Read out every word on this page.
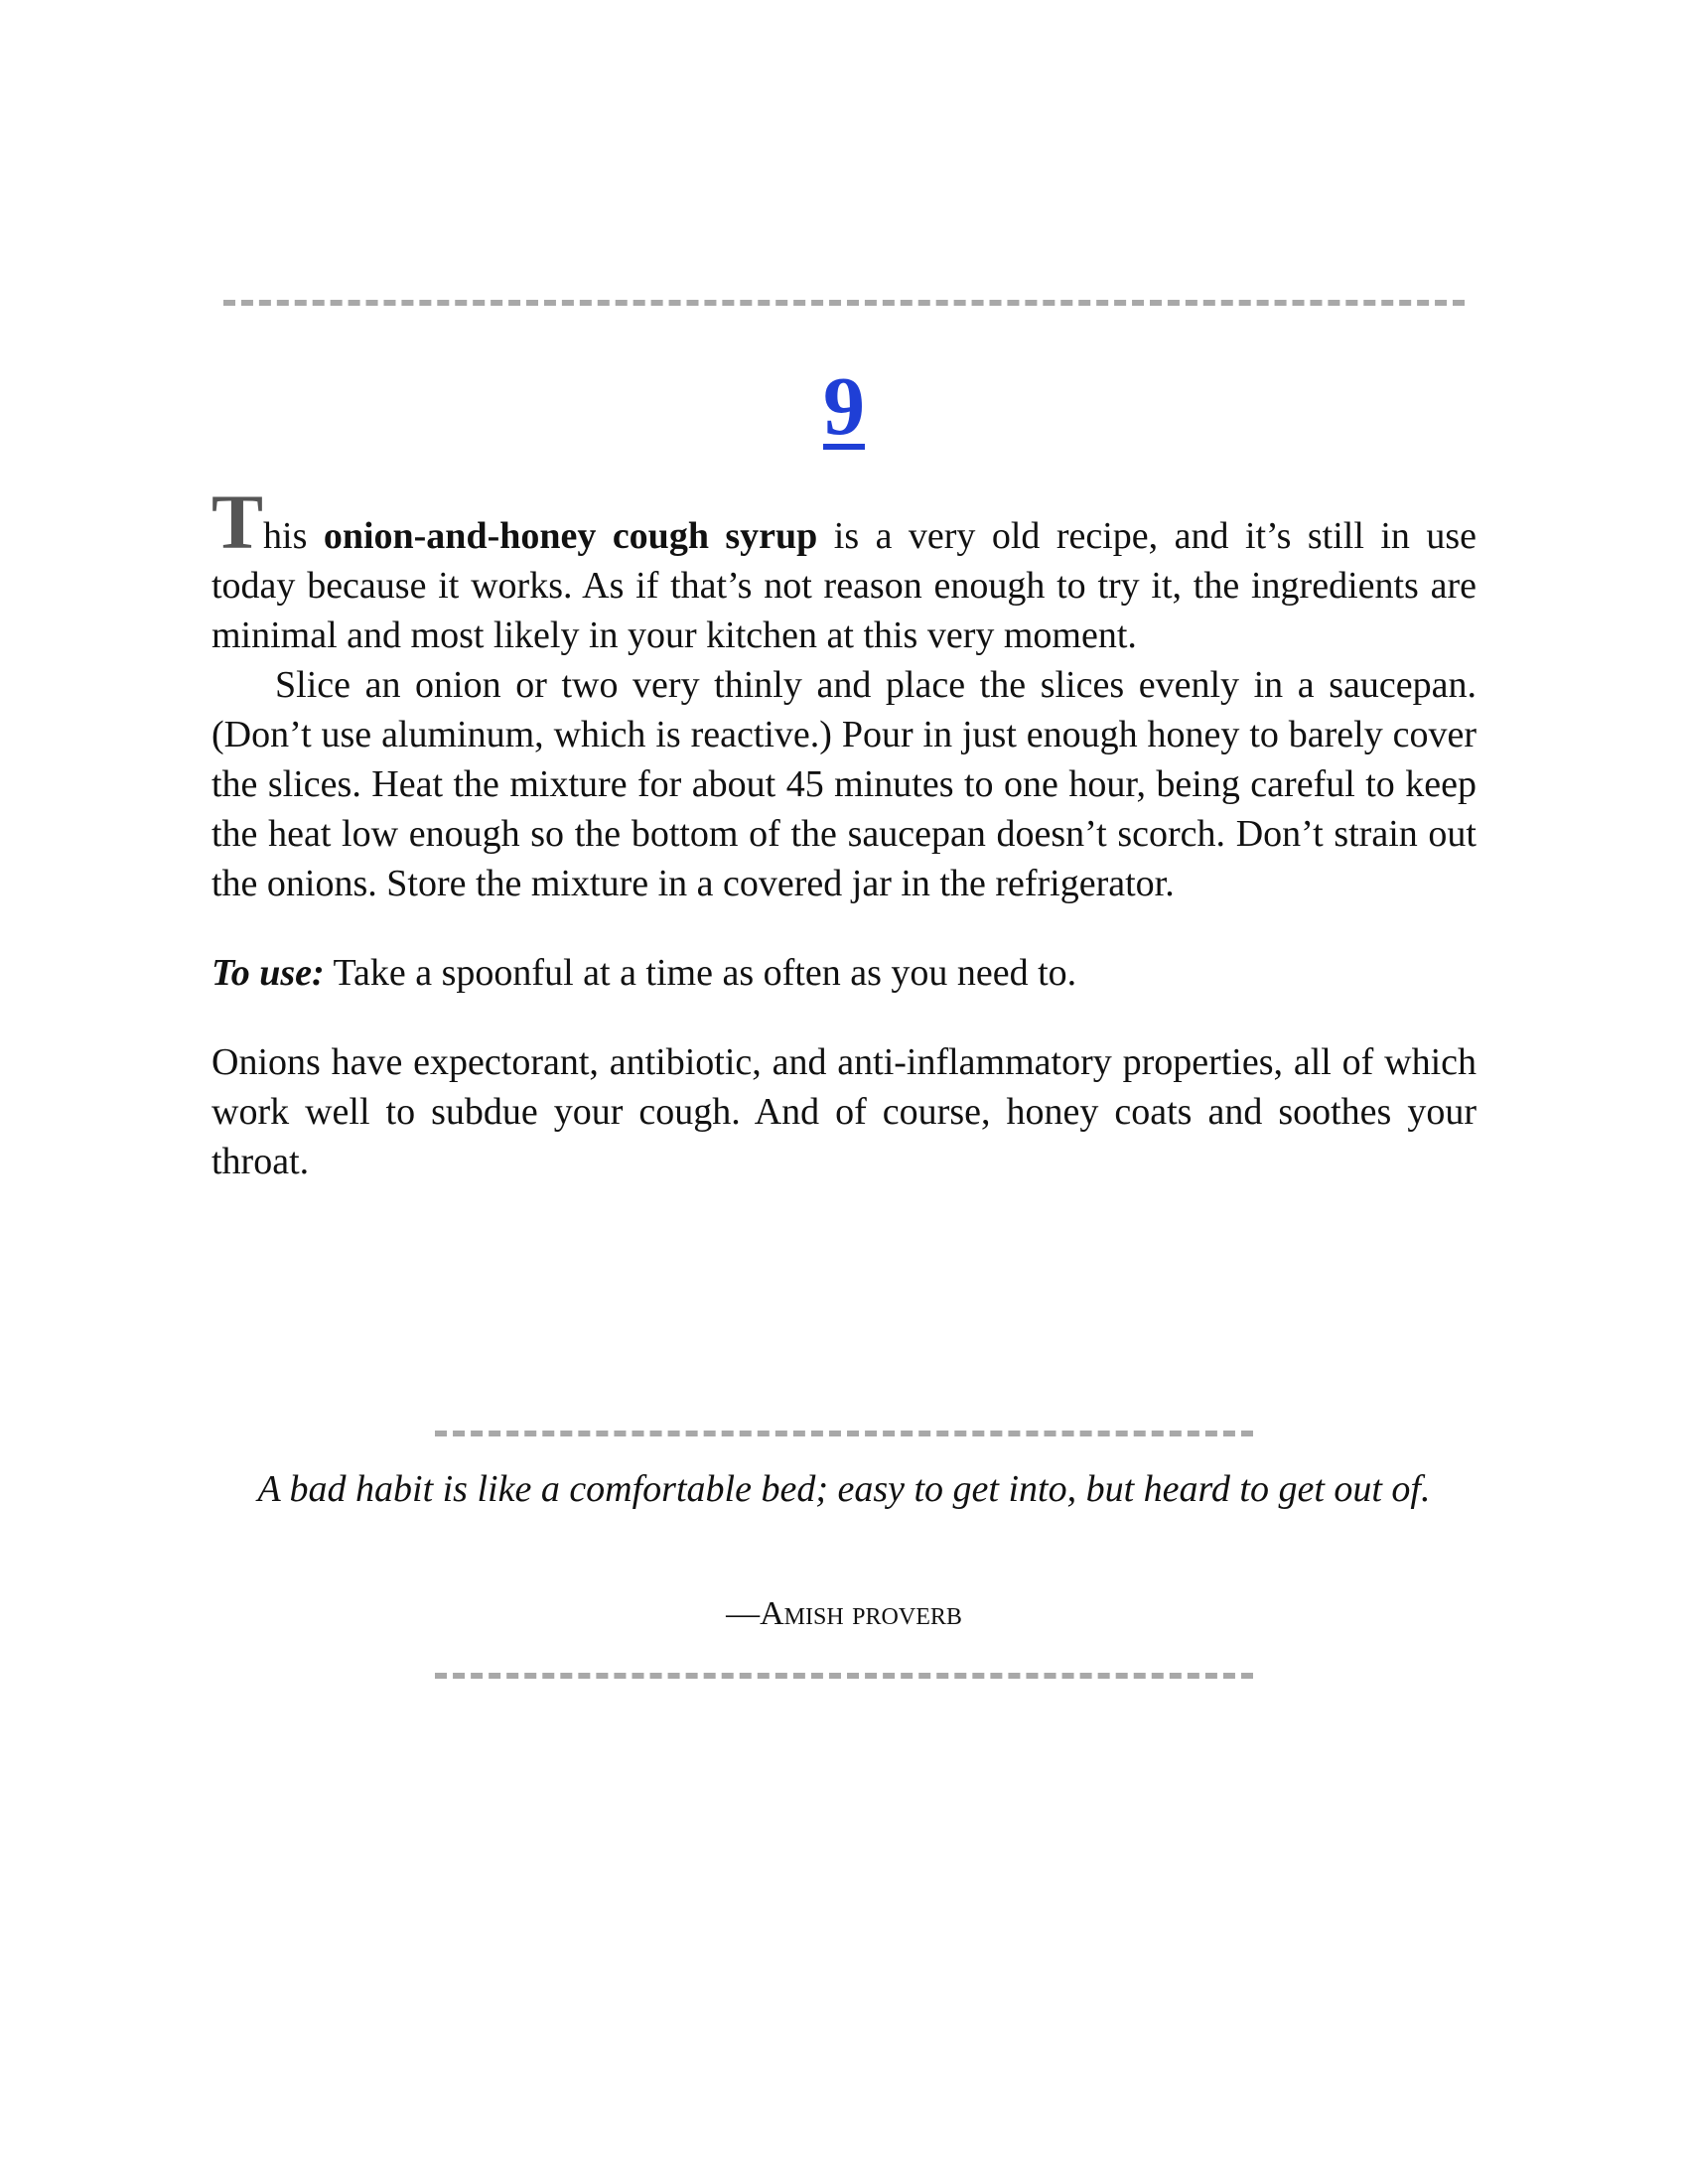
9

This onion-and-honey cough syrup is a very old recipe, and it’s still in use today because it works. As if that’s not reason enough to try it, the ingredients are minimal and most likely in your kitchen at this very moment.

Slice an onion or two very thinly and place the slices evenly in a saucepan. (Don’t use aluminum, which is reactive.) Pour in just enough honey to barely cover the slices. Heat the mixture for about 45 minutes to one hour, being careful to keep the heat low enough so the bottom of the saucepan doesn’t scorch. Don’t strain out the onions. Store the mixture in a covered jar in the refrigerator.

To use: Take a spoonful at a time as often as you need to.

Onions have expectorant, antibiotic, and anti-inflammatory properties, all of which work well to subdue your cough. And of course, honey coats and soothes your throat.

A bad habit is like a comfortable bed; easy to get into, but heard to get out of.
—Amish proverb
